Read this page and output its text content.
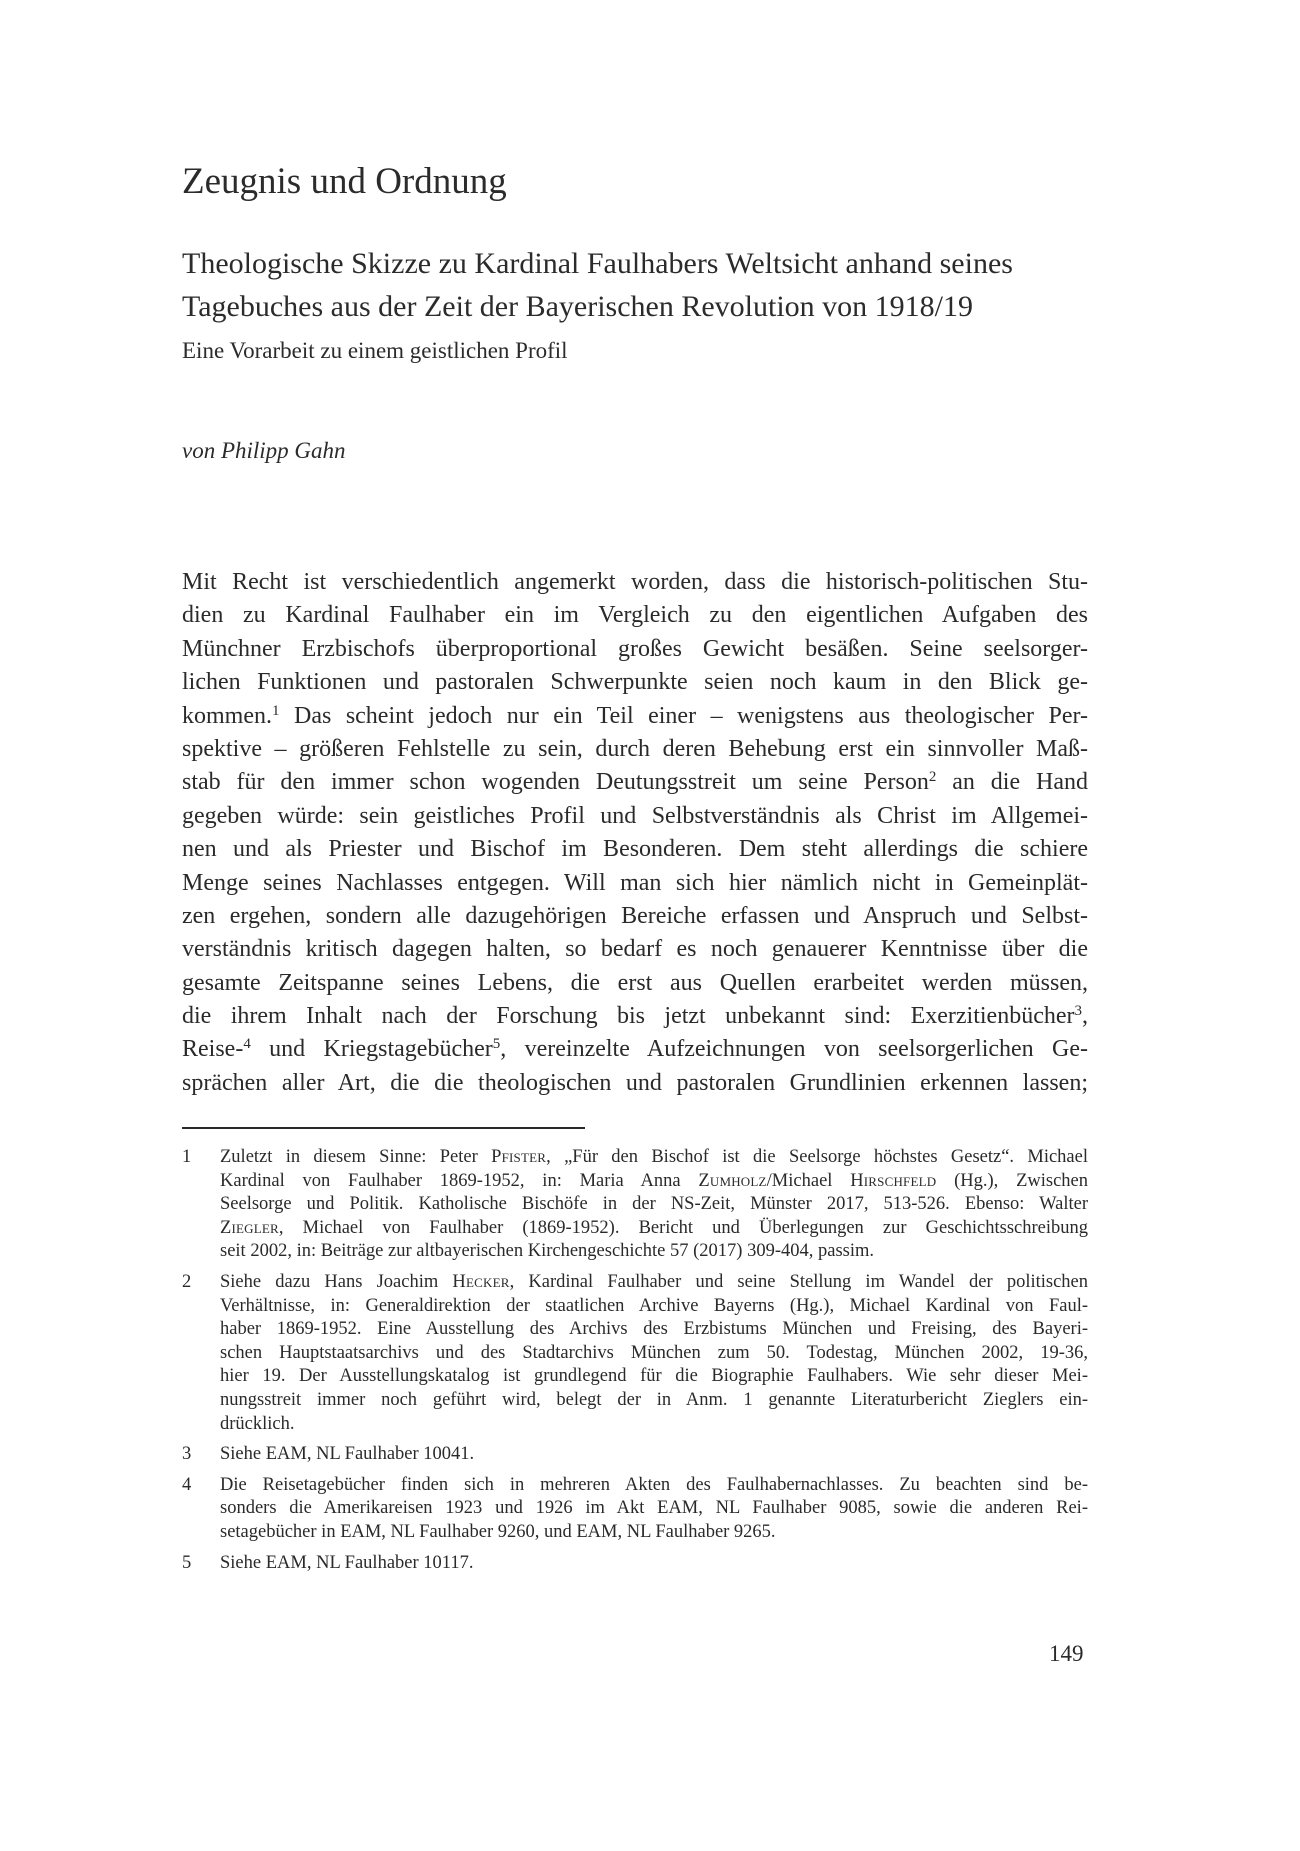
Zeugnis und Ordnung
Theologische Skizze zu Kardinal Faulhabers Weltsicht anhand seines
Tagebuches aus der Zeit der Bayerischen Revolution von 1918/19
Eine Vorarbeit zu einem geistlichen Profil
von Philipp Gahn
Mit Recht ist verschiedentlich angemerkt worden, dass die historisch-politischen Stu-
dien zu Kardinal Faulhaber ein im Vergleich zu den eigentlichen Aufgaben des
Münchner Erzbischofs überproportional großes Gewicht besäßen. Seine seelsorger-
lichen Funktionen und pastoralen Schwerpunkte seien noch kaum in den Blick ge-
kommen.$^1$ Das scheint jedoch nur ein Teil einer – wenigstens aus theologischer Per-
spektive – größeren Fehlstelle zu sein, durch deren Behebung erst ein sinnvoller Maß-
stab für den immer schon wogenden Deutungsstreit um seine Person$^2$ an die Hand
gegeben würde: sein geistliches Profil und Selbstverständnis als Christ im Allgemei-
nen und als Priester und Bischof im Besonderen. Dem steht allerdings die schiere
Menge seines Nachlasses entgegen. Will man sich hier nämlich nicht in Gemeinplät-
zen ergehen, sondern alle dazugehörigen Bereiche erfassen und Anspruch und Selbst-
verständnis kritisch dagegen halten, so bedarf es noch genauerer Kenntnisse über die
gesamte Zeitspanne seines Lebens, die erst aus Quellen erarbeitet werden müssen,
die ihrem Inhalt nach der Forschung bis jetzt unbekannt sind: Exerzitienbücher$^3$,
Reise-$^4$ und Kriegstagebücher$^5$, vereinzelte Aufzeichnungen von seelsorgerlichen Ge-
sprächen aller Art, die die theologischen und pastoralen Grundlinien erkennen lassen;
1 Zuletzt in diesem Sinne: Peter Pfister, „Für den Bischof ist die Seelsorge höchstes Gesetz“. Michael
Kardinal von Faulhaber 1869-1952, in: Maria Anna Zumholz/Michael Hirschfeld (Hg.), Zwischen
Seelsorge und Politik. Katholische Bischöfe in der NS-Zeit, Münster 2017, 513-526. Ebenso: Walter
Ziegler, Michael von Faulhaber (1869-1952). Bericht und Überlegungen zur Geschichtsschreibung
seit 2002, in: Beiträge zur altbayerischen Kirchengeschichte 57 (2017) 309-404, passim.
2 Siehe dazu Hans Joachim Hecker, Kardinal Faulhaber und seine Stellung im Wandel der politischen
Verhältnisse, in: Generaldirektion der staatlichen Archive Bayerns (Hg.), Michael Kardinal von Faul-
haber 1869-1952. Eine Ausstellung des Archivs des Erzbistums München und Freising, des Bayeri-
schen Hauptstaatsarchivs und des Stadtarchivs München zum 50. Todestag, München 2002, 19-36,
hier 19. Der Ausstellungskatalog ist grundlegend für die Biographie Faulhabers. Wie sehr dieser Mei-
nungsstreit immer noch geführt wird, belegt der in Anm. 1 genannte Literaturbericht Zieglers ein-
drücklich.
3 Siehe EAM, NL Faulhaber 10041.
4 Die Reisetagebücher finden sich in mehreren Akten des Faulhabernachlasses. Zu beachten sind be-
sonders die Amerikareisen 1923 und 1926 im Akt EAM, NL Faulhaber 9085, sowie die anderen Rei-
setagebücher in EAM, NL Faulhaber 9260, und EAM, NL Faulhaber 9265.
5 Siehe EAM, NL Faulhaber 10117.
149
